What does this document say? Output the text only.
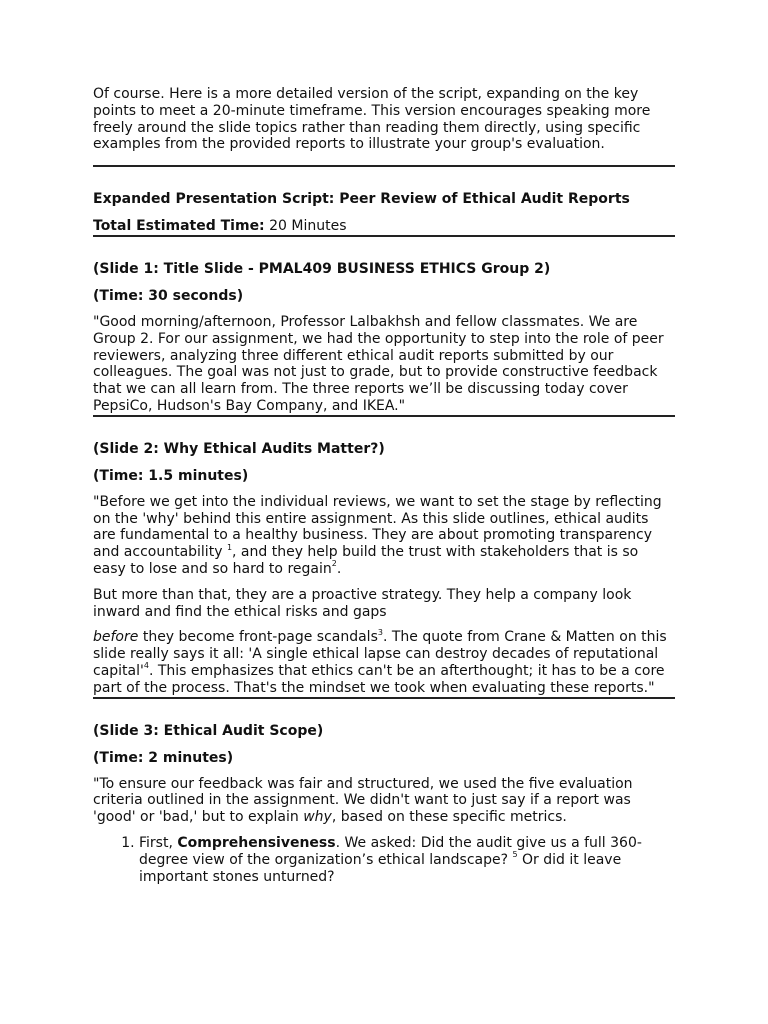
Of course. Here is a more detailed version of the script, expanding on the key points to meet a 20-minute timeframe. This version encourages speaking more freely around the slide topics rather than reading them directly, using specific examples from the provided reports to illustrate your group's evaluation.

Expanded Presentation Script: Peer Review of Ethical Audit Reports

Total Estimated Time: 20 Minutes

(Slide 1: Title Slide - PMAL409 BUSINESS ETHICS Group 2)

(Time: 30 seconds)

"Good morning/afternoon, Professor Lalbakhsh and fellow classmates. We are Group 2. For our assignment, we had the opportunity to step into the role of peer reviewers, analyzing three different ethical audit reports submitted by our colleagues. The goal was not just to grade, but to provide constructive feedback that we can all learn from. The three reports we’ll be discussing today cover PepsiCo, Hudson's Bay Company, and IKEA."

(Slide 2: Why Ethical Audits Matter?)

(Time: 1.5 minutes)

"Before we get into the individual reviews, we want to set the stage by reflecting on the 'why' behind this entire assignment. As this slide outlines, ethical audits are fundamental to a healthy business. They are about promoting transparency and accountability $^1$, and they help build the trust with stakeholders that is so easy to lose and so hard to regain$^2$.

But more than that, they are a proactive strategy. They help a company look inward and find the ethical risks and gaps

before they become front-page scandals$^3$. The quote from Crane & Matten on this slide really says it all: 'A single ethical lapse can destroy decades of reputational $capital'^4$. This emphasizes that ethics can't be an afterthought; it has to be a core part of the process. That's the mindset we took when evaluating these reports."

(Slide 3: Ethical Audit Scope)

(Time: 2 minutes)

"To ensure our feedback was fair and structured, we used the five evaluation criteria outlined in the assignment. We didn't want to just say if a report was 'good' or 'bad,' but to explain why, based on these specific metrics.

1. First, Comprehensiveness. We asked: Did the audit give us a full 360-degree view of the organization’s ethical landscape? $^5$ Or did it leave important stones unturned?
